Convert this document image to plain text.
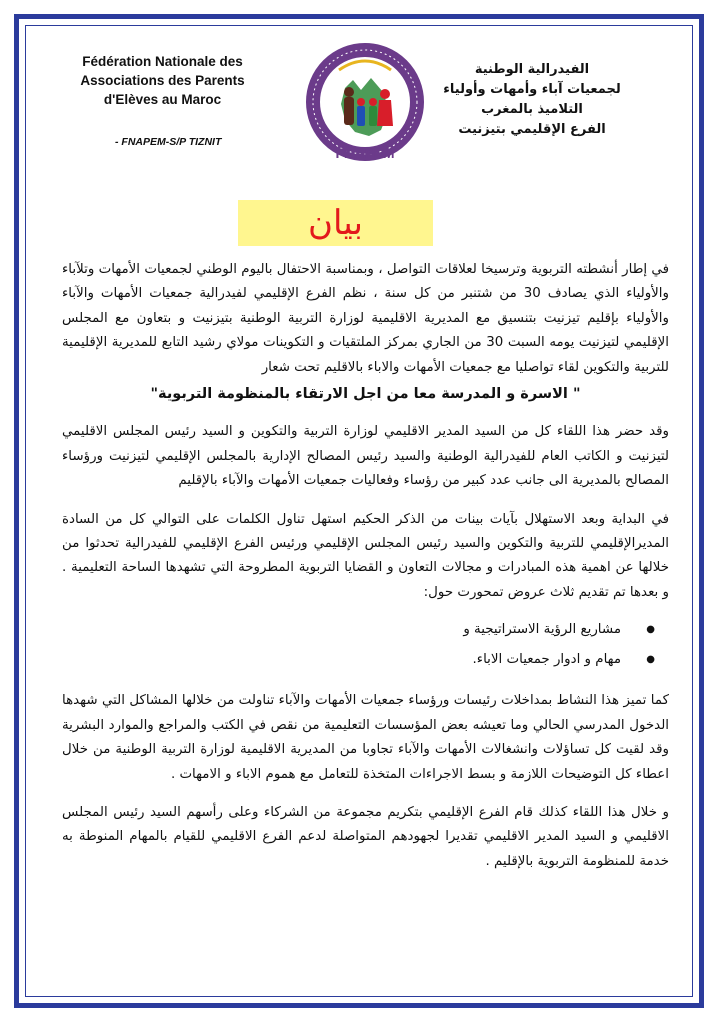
Fédération Nationale des
Associations des Parents
d'Elèves au Maroc
- FNAPEM-S/P TIZNIT
الفيدرالية الوطنية
لجمعيات آباء وأمهات وأولياء
التلاميذ بالمغرب
الفرع الإقليمي بتيزنيت
FNAPEM
بيان

في إطار أنشطته التربوية وترسيخا لعلاقات التواصل ، وبمناسبة الاحتفال باليوم الوطني لجمعيات الأمهات وتلآباء والأولياء الذي يصادف 30 من شتنبر من كل سنة ، نظم الفرع الإقليمي لفيدرالية جمعيات الأمهات والآباء والأولياء بإقليم تيزنيت بتنسيق مع المديرية الاقليمية لوزارة التربية الوطنية بتيزنيت و بتعاون مع المجلس الإقليمي لتيزنيت يومه السبت 30 من الجاري بمركز الملتقيات و التكوينات مولاي رشيد التابع للمديرية الإقليمية للتربية والتكوين لقاء تواصليا مع جمعيات الأمهات والاباء بالاقليم تحت شعار

" الاسرة و المدرسة معا من اجل الارتقاء بالمنظومة التربوية"

وقد حضر هذا اللقاء كل من السيد المدير الاقليمي لوزارة التربية والتكوين و السيد رئيس المجلس الاقليمي لتيزنيت و الكاتب العام للفيدرالية الوطنية والسيد رئيس المصالح الإدارية بالمجلس الإقليمي لتيزنيت ورؤساء المصالح بالمديرية الى جانب عدد كبير من رؤساء وفعاليات جمعيات الأمهات والآباء بالإقليم

في البداية وبعد الاستهلال بآيات بينات من الذكر الحكيم استهل تناول الكلمات على التوالي كل من السادة المديرالإقليمي للتربية والتكوين والسيد رئيس المجلس الإقليمي ورئيس الفرع الإقليمي للفيدرالية تحدثوا من خلالها عن اهمية هذه المبادرات و مجالات التعاون و القضايا التربوية المطروحة التي تشهدها الساحة التعليمية . و بعدها تم تقديم ثلاث عروض تمحورت حول:

● مشاريع الرؤية الاستراتيجية و
● مهام و ادوار جمعيات الاباء.

كما تميز هذا النشاط بمداخلات رئيسات ورؤساء جمعيات الأمهات والآباء تناولت من خلالها المشاكل التي شهدها الدخول المدرسي الحالي وما تعيشه بعض المؤسسات التعليمية من نقص في الكتب والمراجع والموارد البشرية وقد لقيت كل تساؤلات وانشغالات الأمهات والآباء تجاوبا من المديرية الاقليمية لوزارة التربية الوطنية من خلال اعطاء كل التوضيحات اللازمة و بسط الاجراءات المتخذة للتعامل مع هموم الاباء و الامهات .

و خلال هذا اللقاء كذلك قام الفرع الإقليمي بتكريم مجموعة من الشركاء وعلى رأسهم السيد رئيس المجلس الاقليمي و السيد المدير الاقليمي تقديرا لجهودهم المتواصلة لدعم الفرع الاقليمي للقيام بالمهام المنوطة به خدمة للمنظومة التربوية بالإقليم .
